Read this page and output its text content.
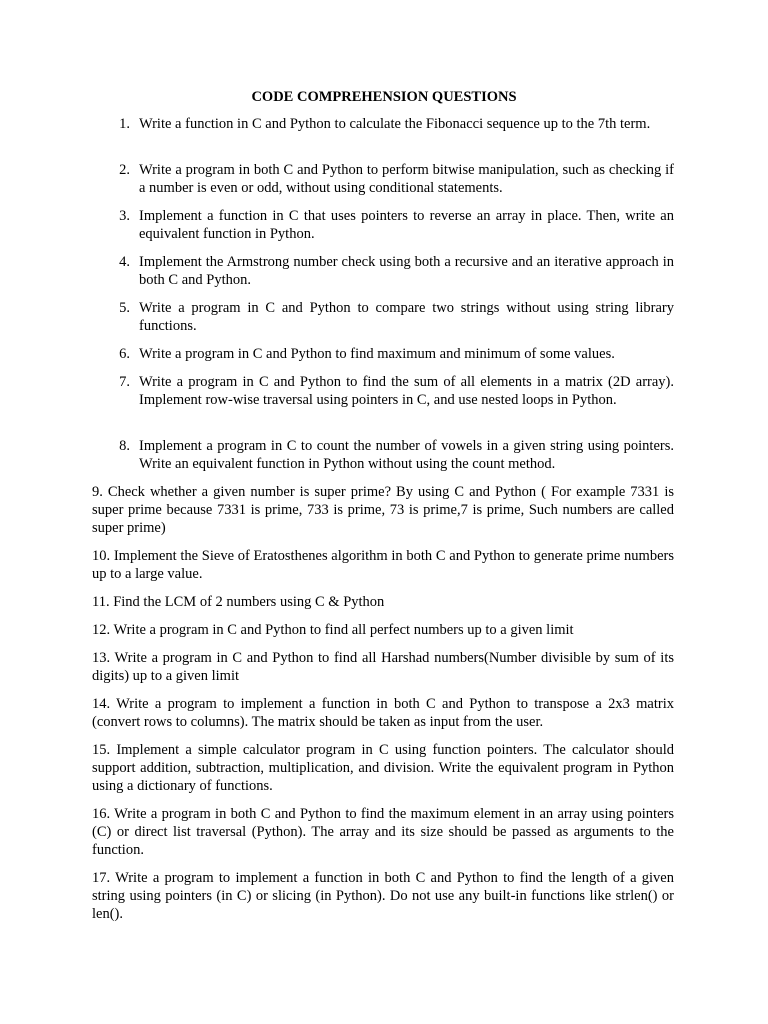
CODE COMPREHENSION QUESTIONS
1. Write a function in C and Python to calculate the Fibonacci sequence up to the 7th term.
2. Write a program in both C and Python to perform bitwise manipulation, such as checking if a number is even or odd, without using conditional statements.
3. Implement a function in C that uses pointers to reverse an array in place. Then, write an equivalent function in Python.
4. Implement the Armstrong number check using both a recursive and an iterative approach in both C and Python.
5. Write a program in C and Python to compare two strings without using string library functions.
6. Write a program in C and Python to find maximum and minimum of some values.
7. Write a program in C and Python to find the sum of all elements in a matrix (2D array). Implement row-wise traversal using pointers in C, and use nested loops in Python.
8. Implement a program in C to count the number of vowels in a given string using pointers. Write an equivalent function in Python without using the count method.
9. Check whether a given number is super prime? By using C and Python ( For example 7331 is super prime because 7331 is prime, 733 is prime, 73 is prime,7 is prime, Such numbers are called super prime)
10. Implement the Sieve of Eratosthenes algorithm in both C and Python to generate prime numbers up to a large value.
11. Find the LCM of 2 numbers using C & Python
12. Write a program in C and Python to find all perfect numbers up to a given limit
13. Write a program in C and Python to find all Harshad numbers(Number divisible by sum of its digits) up to a given limit
14. Write a program to implement a function in both C and Python to transpose a 2x3 matrix (convert rows to columns). The matrix should be taken as input from the user.
15. Implement a simple calculator program in C using function pointers. The calculator should support addition, subtraction, multiplication, and division. Write the equivalent program in Python using a dictionary of functions.
16. Write a program in both C and Python to find the maximum element in an array using pointers (C) or direct list traversal (Python). The array and its size should be passed as arguments to the function.
17. Write a program to implement a function in both C and Python to find the length of a given string using pointers (in C) or slicing (in Python). Do not use any built-in functions like strlen() or len().
